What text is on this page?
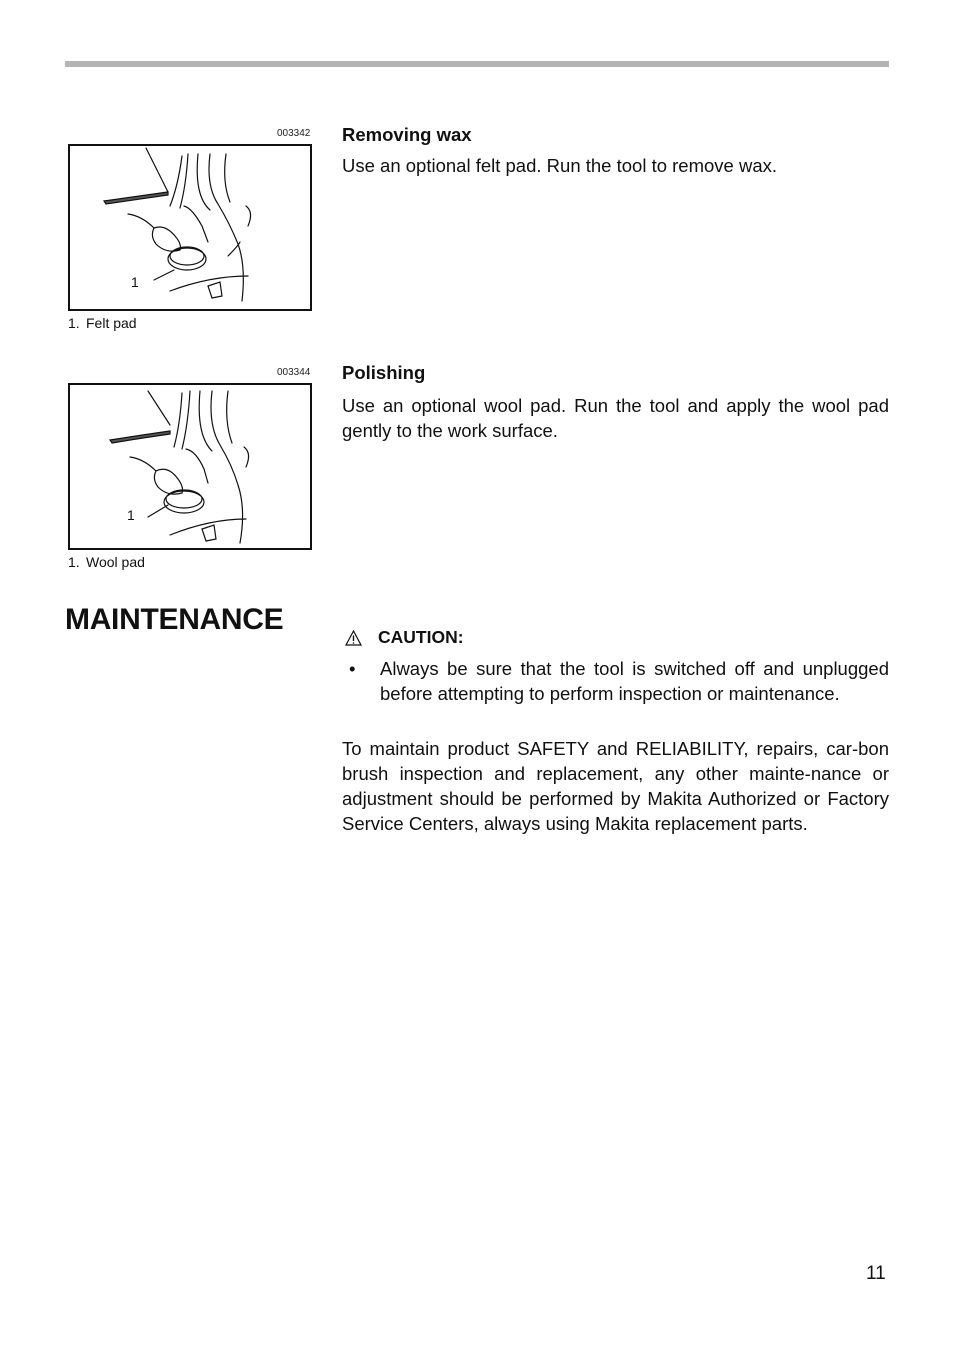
003342
1
1. Felt pad
Removing wax
Use an optional felt pad. Run the tool to remove wax.
003344
1
1. Wool pad
Polishing
Use an optional wool pad. Run the tool and apply the wool pad gently to the work surface.
MAINTENANCE
CAUTION:
• Always be sure that the tool is switched off and unplugged before attempting to perform inspection or maintenance.
To maintain product SAFETY and RELIABILITY, repairs, car-bon brush inspection and replacement, any other mainte-nance or adjustment should be performed by Makita Authorized or Factory Service Centers, always using Makita replacement parts.
11
